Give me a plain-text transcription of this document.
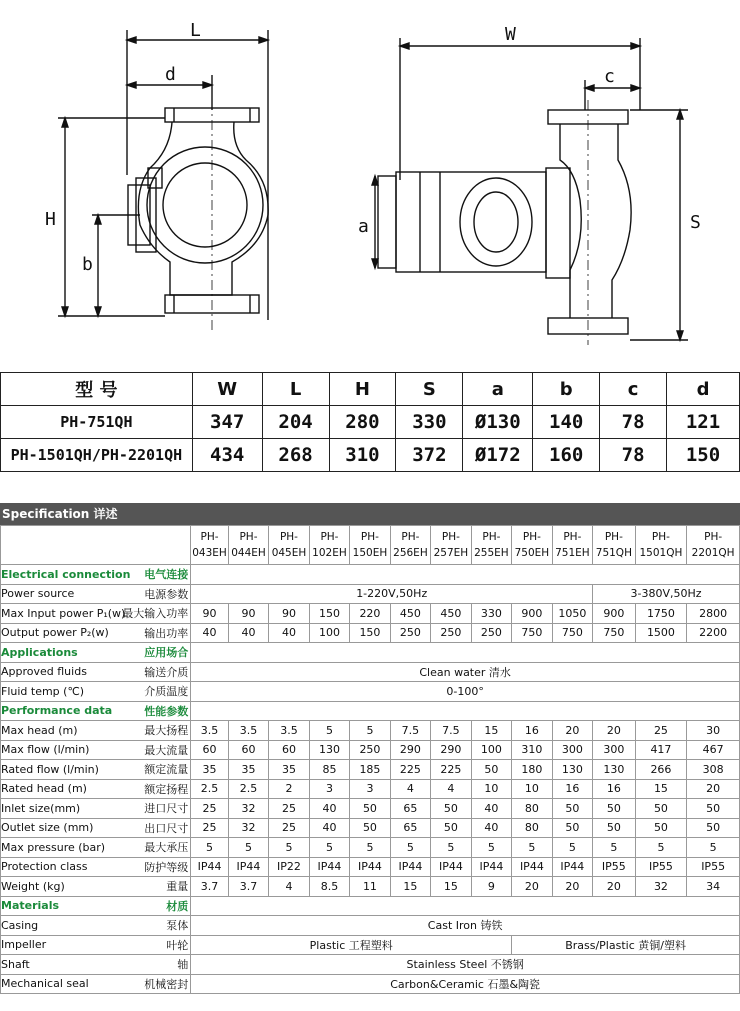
L
d
H
b
W
c
a	S
型 号	W	L	H	S	a	b	c	d
PH-751QH	347	204	280	330	Ø130	140	78	121
PH-1501QH/PH-2201QH	434	268	310	372	Ø172	160	78	150
Specification 详述
		PH-043EH	PH-044EH	PH-045EH	PH-102EH	PH-150EH	PH-256EH	PH-257EH	PH-255EH	PH-750EH	PH-751EH	PH-751QH	PH-1501QH	PH-2201QH
Electrical connection	电气连接													
Power source	电源参数	1-220V,50Hz										3-380V,50Hz		
Max Input power P₁(w)	最大输入功率	90	90	90	150	220	450	450	330	900	1050	900	1750	2800
Output power P₂(w)	输出功率	40	40	40	100	150	250	250	250	750	750	750	1500	2200
Applications	应用场合													
Approved fluids	输送介质	Clean water 清水												
Fluid temp (℃)	介质温度	0-100°												
Performance data	性能参数													
Max head (m)	最大扬程	3.5	3.5	3.5	5	5	7.5	7.5	15	16	20	20	25	30
Max flow (l/min)	最大流量	60	60	60	130	250	290	290	100	310	300	300	417	467
Rated flow (l/min)	额定流量	35	35	35	85	185	225	225	50	180	130	130	266	308
Rated head (m)	额定扬程	2.5	2.5	2	3	3	4	4	10	10	16	16	15	20
Inlet size(mm)	进口尺寸	25	32	25	40	50	65	50	40	80	50	50	50	50
Outlet size (mm)	出口尺寸	25	32	25	40	50	65	50	40	80	50	50	50	50
Max pressure (bar)	最大承压	5	5	5	5	5	5	5	5	5	5	5	5	5
Protection class	防护等级	IP44	IP44	IP22	IP44	IP44	IP44	IP44	IP44	IP44	IP44	IP55	IP55	IP55
Weight (kg)	重量	3.7	3.7	4	8.5	11	15	15	9	20	20	20	32	34
Materials	材质													
Casing	泵体	Cast Iron 铸铁												
Impeller	叶轮	Plastic 工程塑料								Brass/Plastic 黄铜/塑料				
Shaft	轴	Stainless Steel 不锈钢												
Mechanical seal	机械密封	Carbon&Ceramic 石墨&陶瓷												
